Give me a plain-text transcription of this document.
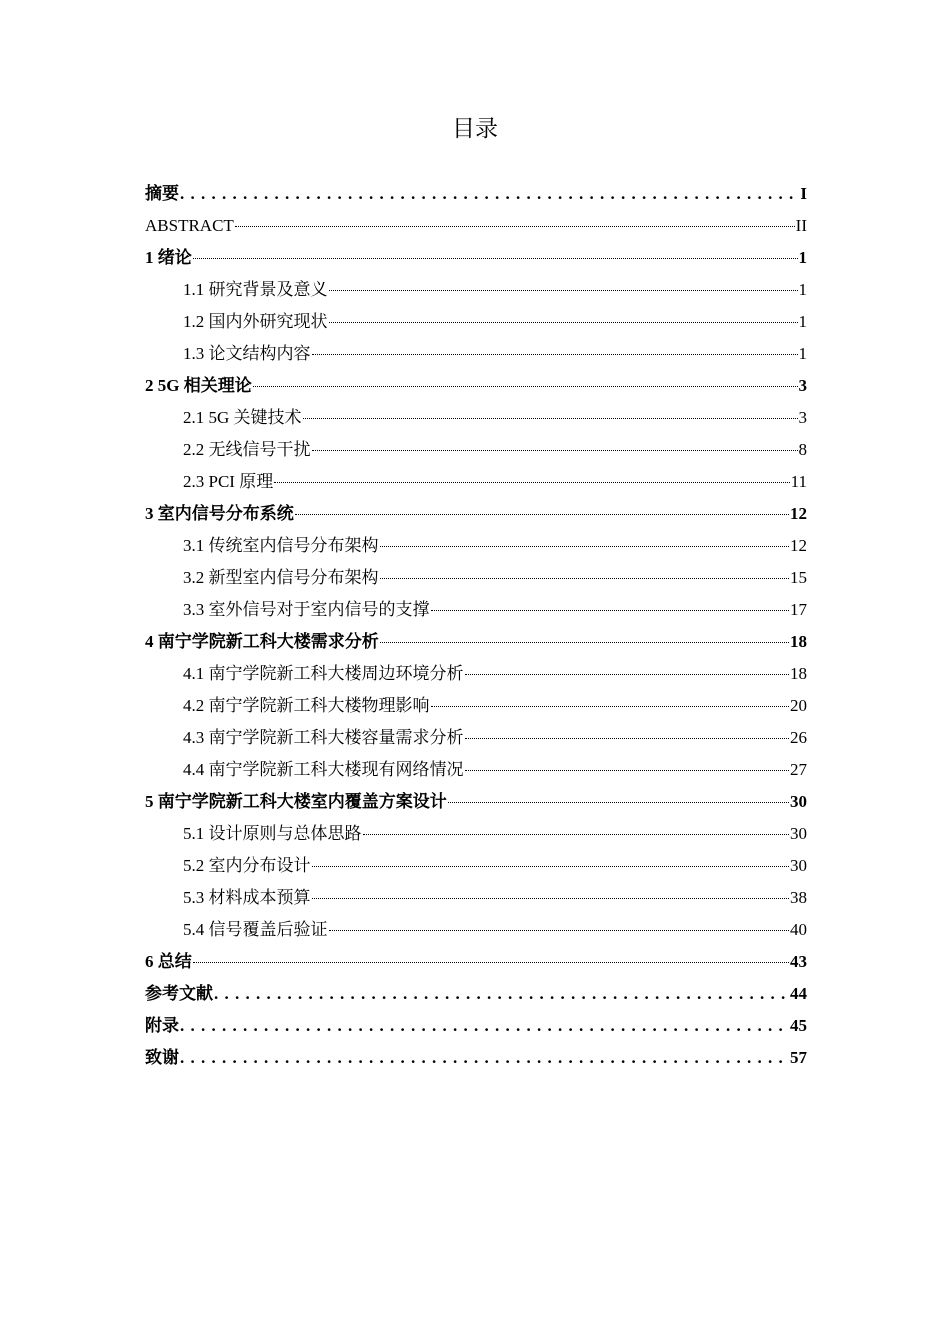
目录
摘要 . . .	I
ABSTRACT	II
1 绪论	1
1.1 研究背景及意义	1
1.2 国内外研究现状	1
1.3 论文结构内容	1
2 5G 相关理论	3
2.1 5G 关键技术	3
2.2 无线信号干扰	8
2.3 PCI 原理	11
3 室内信号分布系统	12
3.1 传统室内信号分布架构	12
3.2 新型室内信号分布架构	15
3.3 室外信号对于室内信号的支撑	17
4 南宁学院新工科大楼需求分析	18
4.1 南宁学院新工科大楼周边环境分析	18
4.2 南宁学院新工科大楼物理影响	20
4.3 南宁学院新工科大楼容量需求分析	26
4.4 南宁学院新工科大楼现有网络情况	27
5 南宁学院新工科大楼室内覆盖方案设计	30
5.1 设计原则与总体思路	30
5.2 室内分布设计	30
5.3 材料成本预算	38
5.4 信号覆盖后验证	40
6 总结	43
参考文献 . . .	44
附录 . . .	45
致谢 . . .	57
